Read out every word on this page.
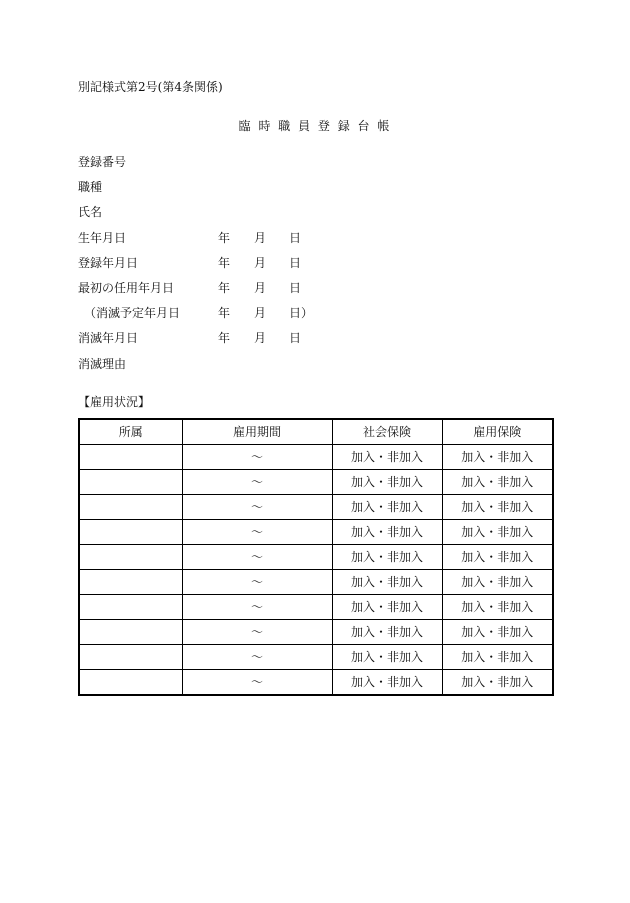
別記様式第2号(第4条関係)
臨 時 職 員 登 録 台 帳
登録番号
職種
氏名
生年月日	年 月 日
登録年月日	年 月 日
最初の任用年月日	年 月 日
（消滅予定年月日	年 月 日）
消滅年月日	年 月 日
消滅理由
【雇用状況】
所属	雇用期間	社会保険	雇用保険
	〜	加入・非加入	加入・非加入
	〜	加入・非加入	加入・非加入
	〜	加入・非加入	加入・非加入
	〜	加入・非加入	加入・非加入
	〜	加入・非加入	加入・非加入
	〜	加入・非加入	加入・非加入
	〜	加入・非加入	加入・非加入
	〜	加入・非加入	加入・非加入
	〜	加入・非加入	加入・非加入
	〜	加入・非加入	加入・非加入
